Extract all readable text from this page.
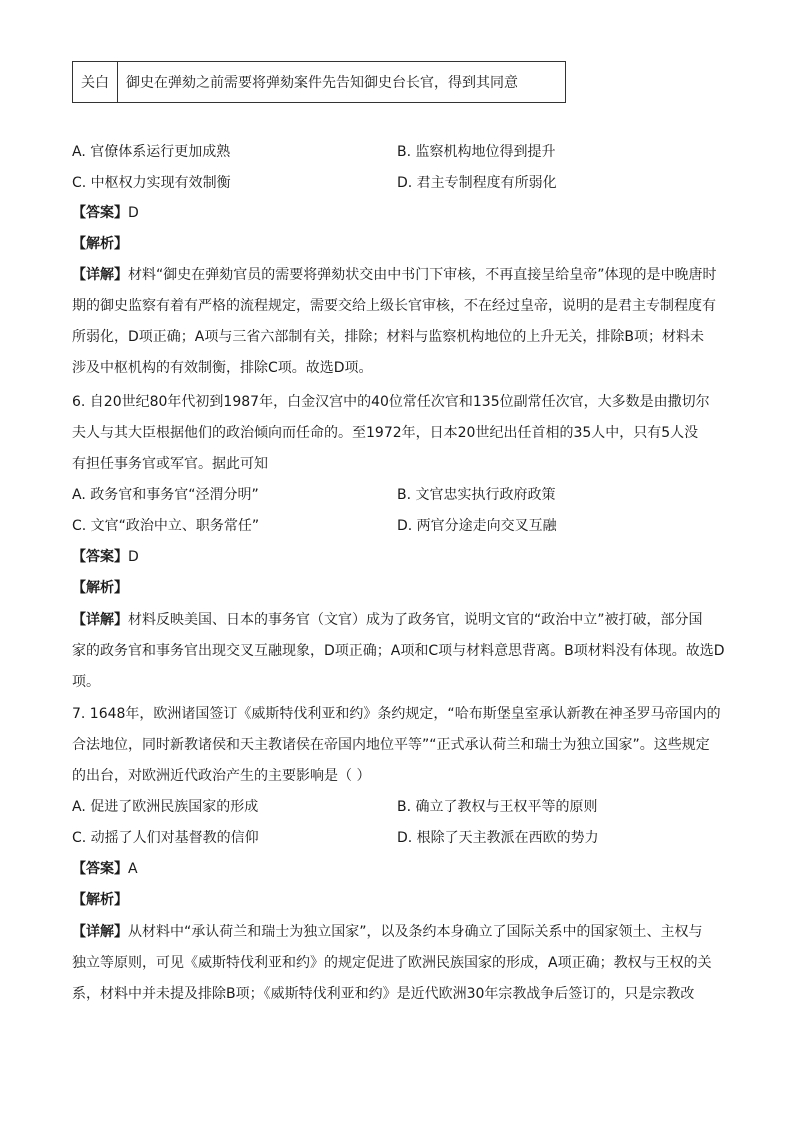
关白	御史在弹劾之前需要将弹劾案件先告知御史台长官，得到其同意
A. 官僚体系运行更加成熟	B. 监察机构地位得到提升
C. 中枢权力实现有效制衡	D. 君主专制程度有所弱化
【答案】D
【解析】
【详解】材料“御史在弹劾官员的需要将弹劾状交由中书门下审核，不再直接呈给皇帝”体现的是中晚唐时
期的御史监察有着有严格的流程规定，需要交给上级长官审核，不在经过皇帝，说明的是君主专制程度有
所弱化，D项正确；A项与三省六部制有关，排除；材料与监察机构地位的上升无关，排除B项；材料未
涉及中枢机构的有效制衡，排除C项。故选D项。
6. 自20世纪80年代初到1987年，白金汉宫中的40位常任次官和135位副常任次官，大多数是由撒切尔
夫人与其大臣根据他们的政治倾向而任命的。至1972年，日本20世纪出任首相的35人中，只有5人没
有担任事务官或军官。据此可知
A. 政务官和事务官“泾渭分明”	B. 文官忠实执行政府政策
C. 文官“政治中立、职务常任”	D. 两官分途走向交叉互融
【答案】D
【解析】
【详解】材料反映美国、日本的事务官（文官）成为了政务官，说明文官的“政治中立”被打破，部分国
家的政务官和事务官出现交叉互融现象，D项正确；A项和C项与材料意思背离。B项材料没有体现。故选D
项。
7. 1648年，欧洲诸国签订《威斯特伐利亚和约》条约规定，“哈布斯堡皇室承认新教在神圣罗马帝国内的
合法地位，同时新教诸侯和天主教诸侯在帝国内地位平等”“正式承认荷兰和瑞士为独立国家”。这些规定
的出台，对欧洲近代政治产生的主要影响是（ ）
A. 促进了欧洲民族国家的形成	B. 确立了教权与王权平等的原则
C. 动摇了人们对基督教的信仰	D. 根除了天主教派在西欧的势力
【答案】A
【解析】
【详解】从材料中“承认荷兰和瑞士为独立国家”，以及条约本身确立了国际关系中的国家领土、主权与
独立等原则，可见《威斯特伐利亚和约》的规定促进了欧洲民族国家的形成，A项正确；教权与王权的关
系，材料中并未提及排除B项；《威斯特伐利亚和约》是近代欧洲30年宗教战争后签订的，只是宗教改
